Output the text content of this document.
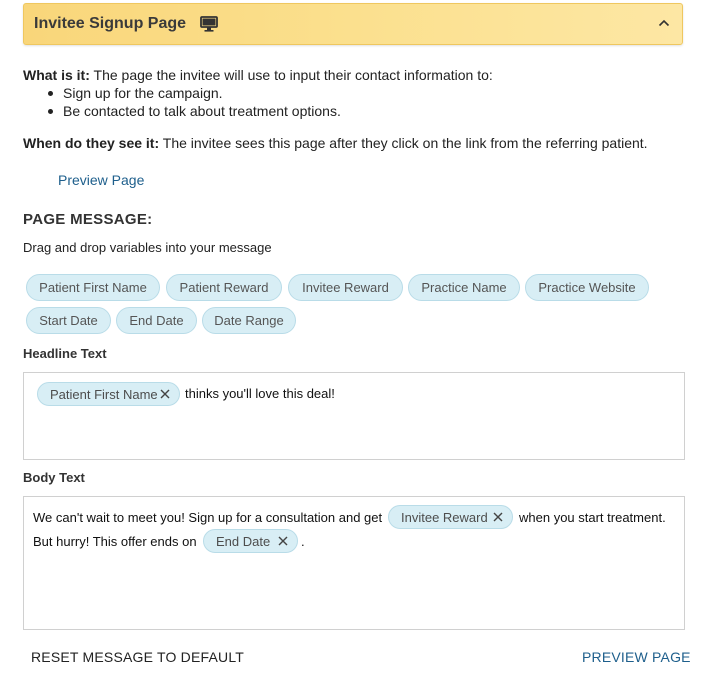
Invitee Signup Page
What is it: The page the invitee will use to input their contact information to:
Sign up for the campaign.
Be contacted to talk about treatment options.
When do they see it: The invitee sees this page after they click on the link from the referring patient.
Preview Page
PAGE MESSAGE:
Drag and drop variables into your message
Patient First Name	Patient Reward	Invitee Reward	Practice Name	Practice Website
Start Date	End Date	Date Range
Headline Text
Patient First Name thinks you'll love this deal!
Body Text
We can't wait to meet you! Sign up for a consultation and get Invitee Reward when you start treatment.
But hurry! This offer ends on End Date .
RESET MESSAGE TO DEFAULT	PREVIEW PAGE
